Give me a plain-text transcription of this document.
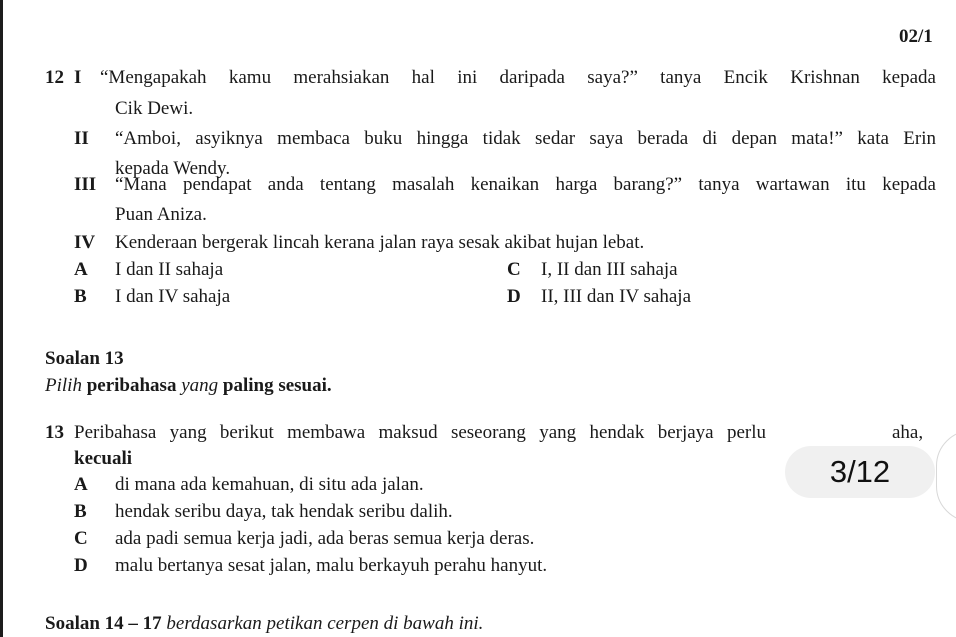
02/1
12 I “Mengapakah kamu merahsiakan hal ini daripada saya?” tanya Encik Krishnan kepada
Cik Dewi.
II “Amboi, asyiknya membaca buku hingga tidak sedar saya berada di depan mata!” kata Erin
kepada Wendy.
III “Mana pendapat anda tentang masalah kenaikan harga barang?” tanya wartawan itu kepada
Puan Aniza.
IV Kenderaan bergerak lincah kerana jalan raya sesak akibat hujan lebat.
A I dan II sahaja
B I dan IV sahaja
C I, II dan III sahaja
D II, III dan IV sahaja
Soalan 13
Pilih peribahasa yang paling sesuai.
13 Peribahasa yang berikut membawa maksud seseorang yang hendak berjaya perlu	aha,
kecuali
A di mana ada kemahuan, di situ ada jalan.
B hendak seribu daya, tak hendak seribu dalih.
C ada padi semua kerja jadi, ada beras semua kerja deras.
D malu bertanya sesat jalan, malu berkayuh perahu hanyut.
Soalan 14 – 17 berdasarkan petikan cerpen di bawah ini.
3/12
